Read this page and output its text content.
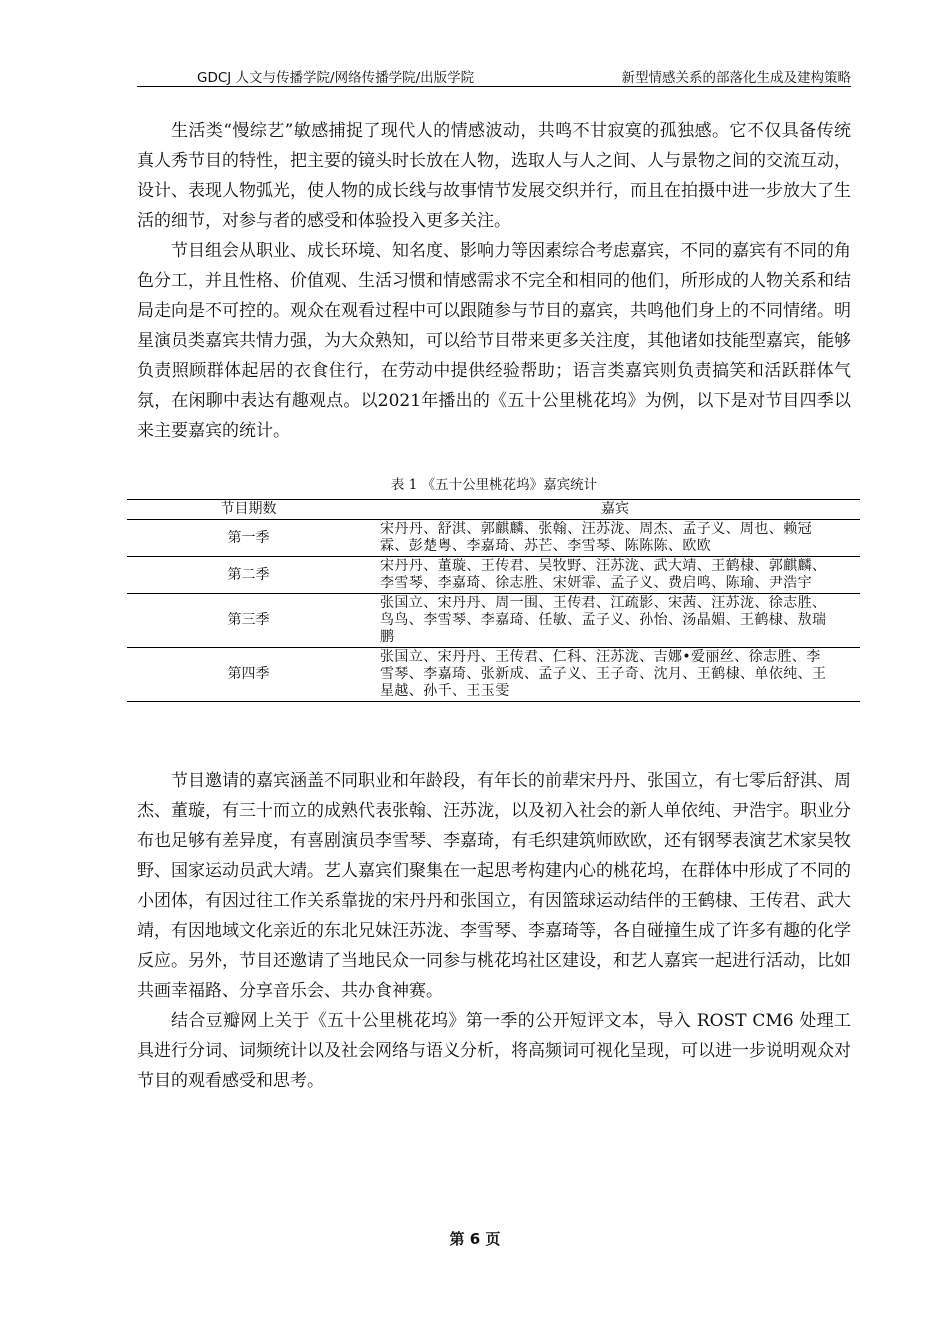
GDCJ 人文与传播学院/网络传播学院/出版学院	新型情感关系的部落化生成及建构策略

生活类“慢综艺”敏感捕捉了现代人的情感波动，共鸣不甘寂寞的孤独感。它不仅具备传统真人秀节目的特性，把主要的镜头时长放在人物，选取人与人之间、人与景物之间的交流互动，设计、表现人物弧光，使人物的成长线与故事情节发展交织并行，而且在拍摄中进一步放大了生活的细节，对参与者的感受和体验投入更多关注。

节目组会从职业、成长环境、知名度、影响力等因素综合考虑嘉宾，不同的嘉宾有不同的角色分工，并且性格、价值观、生活习惯和情感需求不完全和相同的他们，所形成的人物关系和结局走向是不可控的。观众在观看过程中可以跟随参与节目的嘉宾，共鸣他们身上的不同情绪。明星演员类嘉宾共情力强，为大众熟知，可以给节目带来更多关注度，其他诸如技能型嘉宾，能够负责照顾群体起居的衣食住行，在劳动中提供经验帮助；语言类嘉宾则负责搞笑和活跃群体气氛，在闲聊中表达有趣观点。以2021年播出的《五十公里桃花坞》为例，以下是对节目四季以来主要嘉宾的统计。

表 1 《五十公里桃花坞》嘉宾统计
节目期数	嘉宾
第一季	宋丹丹、舒淇、郭麒麟、张翰、汪苏泷、周杰、孟子义、周也、赖冠霖、彭楚粤、李嘉琦、苏芒、李雪琴、陈陈陈、欧欧
第二季	宋丹丹、董璇、王传君、吴牧野、汪苏泷、武大靖、王鹤棣、郭麒麟、李雪琴、李嘉琦、徐志胜、宋妍霏、孟子义、费启鸣、陈瑜、尹浩宇
第三季	张国立、宋丹丹、周一围、王传君、江疏影、宋茜、汪苏泷、徐志胜、鸟鸟、李雪琴、李嘉琦、任敏、孟子义、孙怡、汤晶媚、王鹤棣、敖瑞鹏
第四季	张国立、宋丹丹、王传君、仁科、汪苏泷、吉娜•爱丽丝、徐志胜、李雪琴、李嘉琦、张新成、孟子义、王子奇、沈月、王鹤棣、单依纯、王星越、孙千、王玉雯

节目邀请的嘉宾涵盖不同职业和年龄段，有年长的前辈宋丹丹、张国立，有七零后舒淇、周杰、董璇，有三十而立的成熟代表张翰、汪苏泷，以及初入社会的新人单依纯、尹浩宇。职业分布也足够有差异度，有喜剧演员李雪琴、李嘉琦，有毛织建筑师欧欧，还有钢琴表演艺术家吴牧野、国家运动员武大靖。艺人嘉宾们聚集在一起思考构建内心的桃花坞，在群体中形成了不同的小团体，有因过往工作关系靠拢的宋丹丹和张国立，有因篮球运动结伴的王鹤棣、王传君、武大靖，有因地域文化亲近的东北兄妹汪苏泷、李雪琴、李嘉琦等，各自碰撞生成了许多有趣的化学反应。另外，节目还邀请了当地民众一同参与桃花坞社区建设，和艺人嘉宾一起进行活动，比如共画幸福路、分享音乐会、共办食神赛。

结合豆瓣网上关于《五十公里桃花坞》第一季的公开短评文本，导入 ROST CM6 处理工具进行分词、词频统计以及社会网络与语义分析，将高频词可视化呈现，可以进一步说明观众对节目的观看感受和思考。

第 6 页
